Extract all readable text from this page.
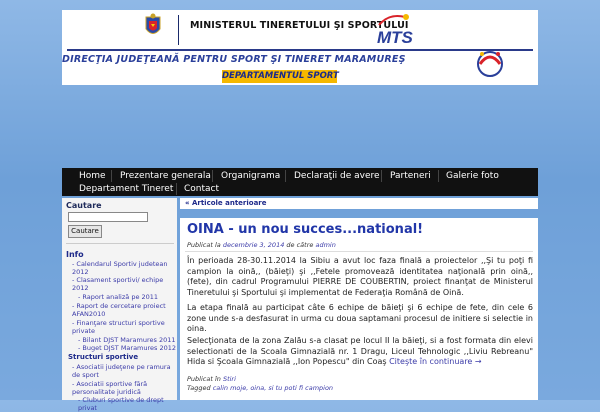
MINISTERUL TINERETULUI ŞI SPORTULUI
MTS
DIRECŢIA JUDEŢEANĂ PENTRU SPORT ŞI TINERET MARAMUREŞ
DEPARTAMENTUL SPORT
Home Prezentare generala Organigrama Declaraţii de avere Parteneri Galerie foto
Departament Tineret Contact
Cautare
Cautare
Info
- Calendarul Sportiv judetean 2012
- Clasament sportivi/ echipe 2012
- Raport analiză pe 2011
- Raport de cercetare proiect AFAN2010
- Finanţare structuri sportive private
- Bilant DJST Maramures 2011
- Buget DJST Maramures 2012
Structuri sportive
- Asociatii judeţene pe ramura de sport
- Asociatii sportive fără personalitate juridică
- Cluburi sportive de drept privat
« Articole anterioare
OINA - un nou succes...national!
Publicat la decembrie 3, 2014 de către admin
În perioada 28-30.11.2014 la Sibiu a avut loc faza finală a proiectelor ,,Şi tu poţi fi campion la oină,, (băieţi) şi ,,Fetele promovează identitatea naţională prin oină,, (fete), din cadrul Programului PIERRE DE COUBERTIN, proiect finanţat de Ministerul Tineretului şi Sportului şi implementat de Federaţia Română de Oină.
La etapa finală au participat câte 6 echipe de băieţi şi 6 echipe de fete, din cele 6 zone unde s-a desfasurat in urma cu doua saptamani procesul de initiere si selectie in oina.
Selecţionata de la zona Zalău s-a clasat pe locul II la băieţi, si a fost formata din elevi selectionati de la Scoala Gimnazială nr. 1 Dragu, Liceul Tehnologic ,,Liviu Rebreanu" Hida si Şcoala Gimnazială ,,Ion Popescu" din Coaş Citeşte în continuare →
Publicat în Stiri
Tagged calin moje, oina, si tu poti fi campion
